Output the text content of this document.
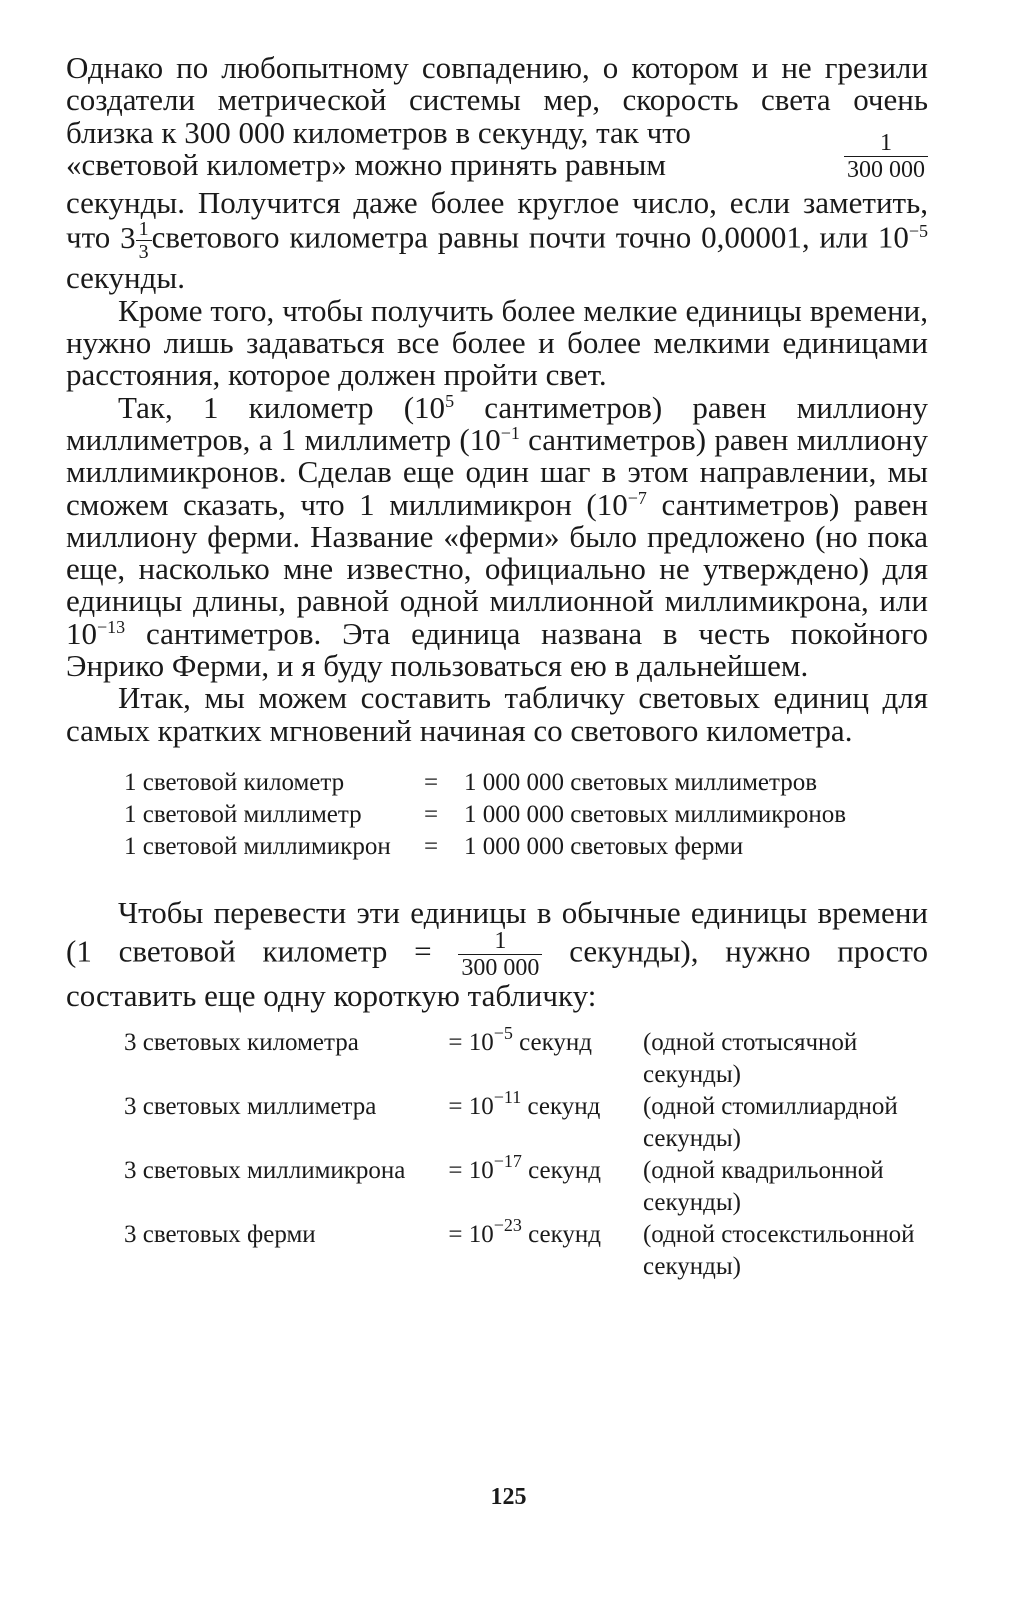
Однако по любопытному совпадению, о котором и не грезили создатели метрической системы мер, скорость света очень близка к 300 000 километров в секунду, так что

«световой километр» можно принять равным	$\frac{1}{300 000}$

секунды. Получится даже более круглое число, если заметить, что $3 \frac{1}{3}$ светового километра равны почти точно 0,00001, или $10^{-5}$ секунды.

Кроме того, чтобы получить более мелкие единицы времени, нужно лишь задаваться все более и более мелкими единицами расстояния, которое должен пройти свет.

Так, 1 километр ($10^5$ сантиметров) равен миллиону миллиметров, а 1 миллиметр ($10^{-1}$ сантиметров) равен миллиону миллимикронов. Сделав еще один шаг в этом направлении, мы сможем сказать, что 1 миллимикрон ($10^{-7}$ сантиметров) равен миллиону ферми. Название «ферми» было предложено (но пока еще, насколько мне известно, официально не утверждено) для единицы длины, равной одной миллионной миллимикрона, или $10^{-13}$ сантиметров. Эта единица названа в честь покойного Энрико Ферми, и я буду пользоваться ею в дальнейшем.

Итак, мы можем составить табличку световых единиц для самых кратких мгновений начиная со светового километра.

1 световой километр	=	1 000 000 световых миллиметров
1 световой миллиметр	=	1 000 000 световых миллимикронов
1 световой миллимикрон	=	1 000 000 световых ферми

Чтобы перевести эти единицы в обычные единицы времени (1 световой километр = $\frac{1}{300 000}$ секунды), нужно просто составить еще одну короткую табличку:

3 световых километра	= $10^{-5}$ секунд	(одной стотысячной секунды)
3 световых миллиметра	= $10^{-11}$ секунд	(одной стомиллиардной секунды)
3 световых миллимикрона	= $10^{-17}$ секунд	(одной квадрильонной секунды)
3 световых ферми	= $10^{-23}$ секунд	(одной стосекстильонной секунды)
125
